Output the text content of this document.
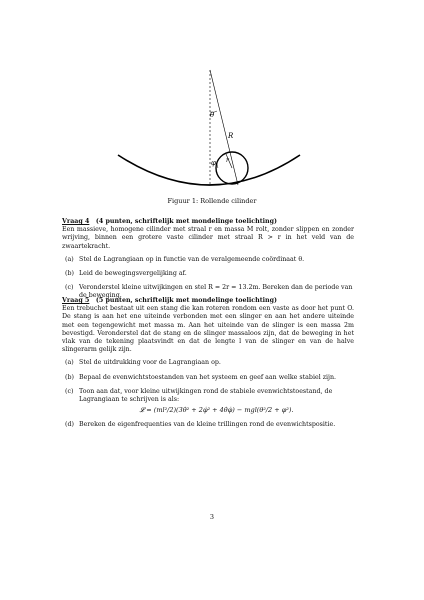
θ
R
r
φ
Figuur 1: Rollende cilinder
Vraag 4 (4 punten, schriftelijk met mondelinge toelichting)

Een massieve, homogene cilinder met straal r en massa M rolt, zonder slippen en zonder wrijving, binnen een grotere vaste cilinder met straal R > r in het veld van de zwaartekracht.

(a) Stel de Lagrangiaan op in functie van de veralgemeende coördinaat θ.
(b) Leid de bewegingsvergelijking af.
(c) Veronderstel kleine uitwijkingen en stel R = 2r = 13.2m. Bereken dan de periode van de beweging.
Vraag 5 (5 punten, schriftelijk met mondelinge toelichting)

Een trebuchet bestaat uit een stang die kan roteren rondom een vaste as door het punt O. De stang is aan het ene uiteinde verbonden met een slinger en aan het andere uiteinde met een tegengewicht met massa m. Aan het uiteinde van de slinger is een massa 2m bevestigd. Veronderstel dat de stang en de slinger massaloos zijn, dat de beweging in het vlak van de tekening plaatsvindt en dat de lengte l van de slinger en van de halve slingerarm gelijk zijn.

(a) Stel de uitdrukking voor de Lagrangiaan op.
(b) Bepaal de evenwichtstoestanden van het systeem en geef aan welke stabiel zijn.
(c) Toon aan dat, voor kleine uitwijkingen rond de stabiele evenwichtstoestand, de Lagrangiaan te schrijven is als:
𝓛 = (ml²/2)(3θ̇² + 2φ̇² + 4θ̇φ̇) − mgl(θ²/2 + φ²).
(d) Bereken de eigenfrequenties van de kleine trillingen rond de evenwichtspositie.
3
